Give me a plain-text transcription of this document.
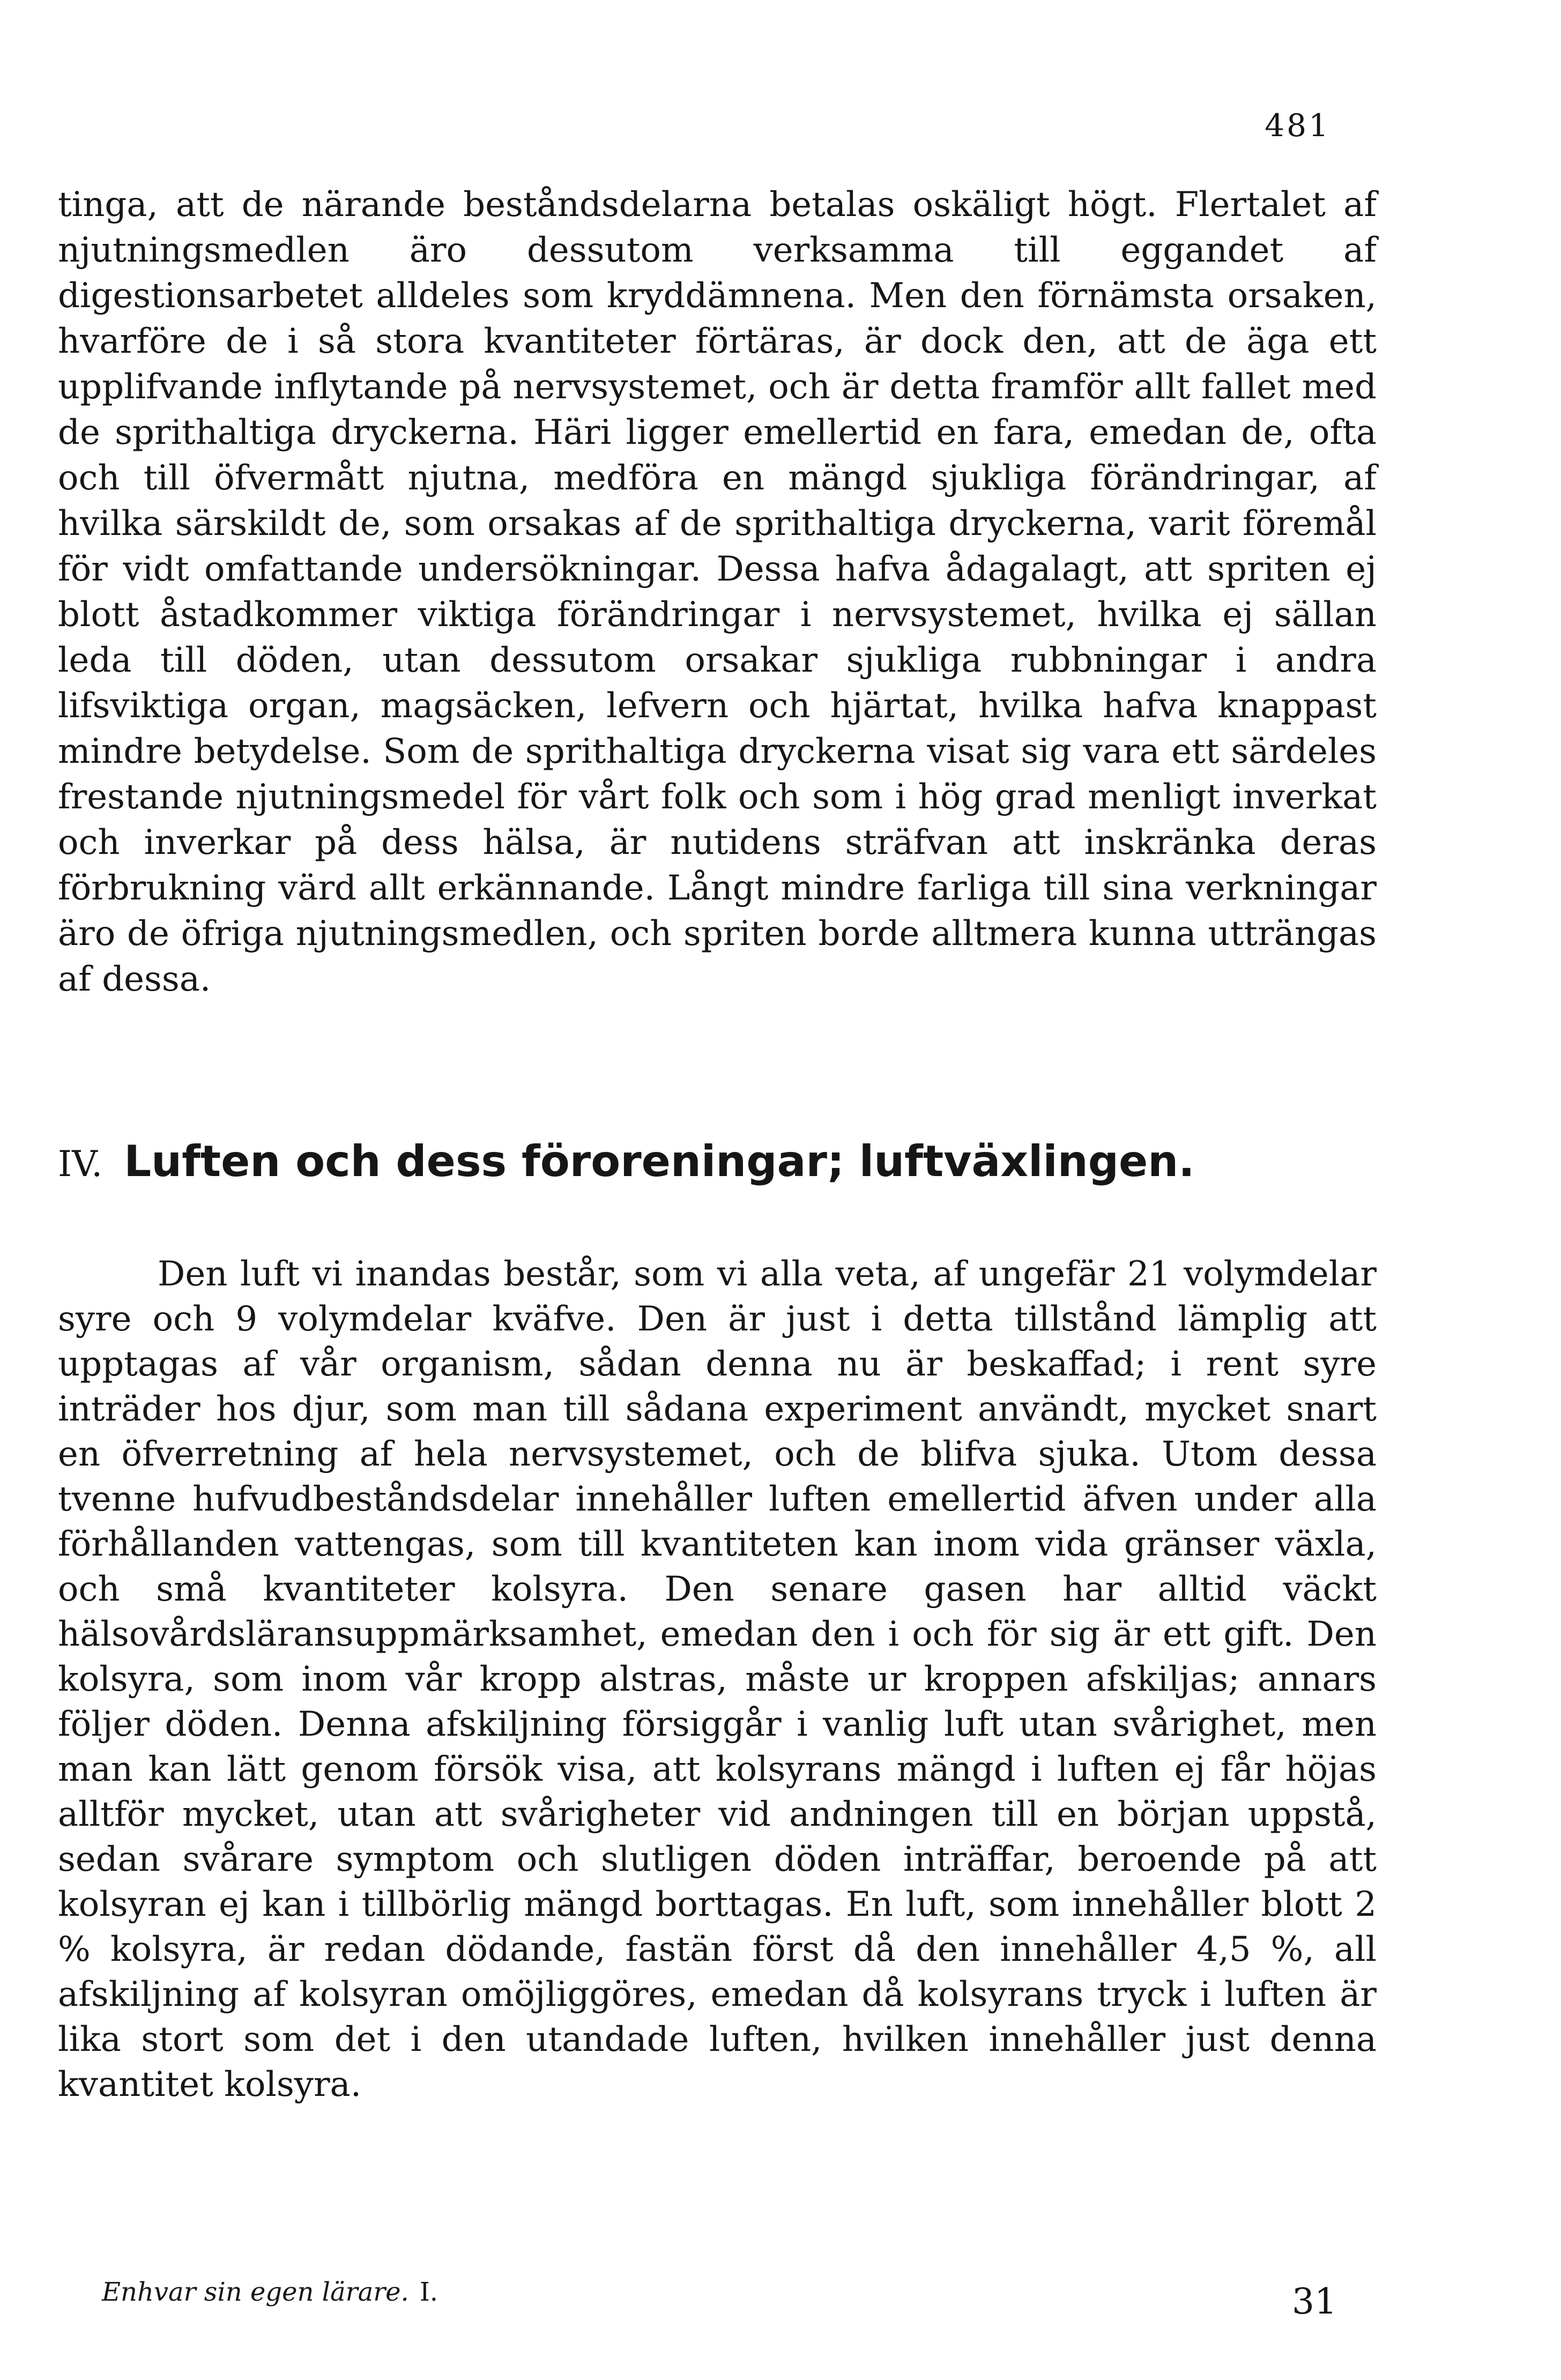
481

tinga, att de närande beståndsdelarna betalas oskäligt högt. Flertalet af njutningsmedlen äro dessutom verksamma till eggandet af digestionsarbetet alldeles som kryddämnena. Men den förnämsta orsaken, hvarföre de i så stora kvantiteter förtäras, är dock den, att de äga ett upplifvande inflytande på nervsystemet, och är detta framför allt fallet med de sprithaltiga dryckerna. Häri ligger emellertid en fara, emedan de, ofta och till öfvermått njutna, medföra en mängd sjukliga förändringar, af hvilka särskildt de, som orsakas af de sprithaltiga dryckerna, varit föremål för vidt omfattande undersökningar. Dessa hafva ådagalagt, att spriten ej blott åstadkommer viktiga förändringar i nervsystemet, hvilka ej sällan leda till döden, utan dessutom orsakar sjukliga rubbningar i andra lifsviktiga organ, magsäcken, lefvern och hjärtat, hvilka hafva knappast mindre betydelse. Som de sprithaltiga dryckerna visat sig vara ett särdeles frestande njutningsmedel för vårt folk och som i hög grad menligt inverkat och inverkar på dess hälsa, är nutidens sträfvan att inskränka deras förbrukning värd allt erkännande. Långt mindre farliga till sina verkningar äro de öfriga njutningsmedlen, och spriten borde alltmera kunna utträngas af dessa.

IV. Luften och dess föroreningar; luftväxlingen.

Den luft vi inandas består, som vi alla veta, af ungefär 21 volymdelar syre och 9 volymdelar kväfve. Den är just i detta tillstånd lämplig att upptagas af vår organism, sådan denna nu är beskaffad; i rent syre inträder hos djur, som man till sådana experiment användt, mycket snart en öfverretning af hela nervsystemet, och de blifva sjuka. Utom dessa tvenne hufvudbeståndsdelar innehåller luften emellertid äfven under alla förhållanden vattengas, som till kvantiteten kan inom vida gränser växla, och små kvantiteter kolsyra. Den senare gasen har alltid väckt hälsovårdsläransuppmärksamhet, emedan den i och för sig är ett gift. Den kolsyra, som inom vår kropp alstras, måste ur kroppen afskiljas; annars följer döden. Denna afskiljning försiggår i vanlig luft utan svårighet, men man kan lätt genom försök visa, att kolsyrans mängd i luften ej får höjas alltför mycket, utan att svårigheter vid andningen till en början uppstå, sedan svårare symptom och slutligen döden inträffar, beroende på att kolsyran ej kan i tillbörlig mängd borttagas. En luft, som innehåller blott 2 % kolsyra, är redan dödande, fastän först då den innehåller 4,5 %, all afskiljning af kolsyran omöjliggöres, emedan då kolsyrans tryck i luften är lika stort som det i den utandade luften, hvilken innehåller just denna kvantitet kolsyra.

Enhvar sin egen lärare. I.	31
